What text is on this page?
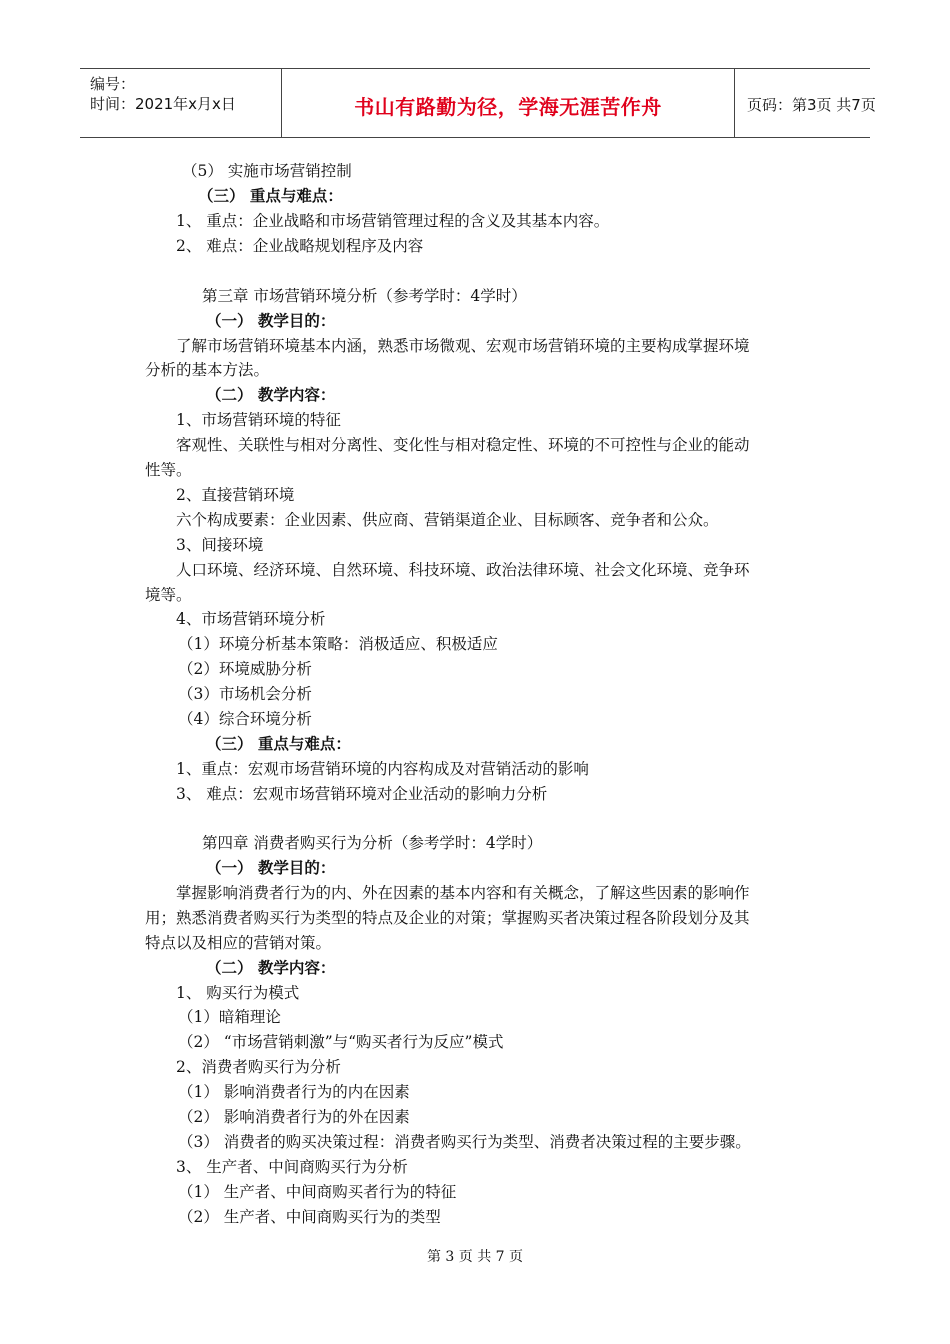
编号：
时间：2021年x月x日	书山有路勤为径，学海无涯苦作舟	页码：第3页 共7页
（5） 实施市场营销控制
（三） 重点与难点：
1、 重点：企业战略和市场营销管理过程的含义及其基本内容。
2、 难点：企业战略规划程序及内容
第三章 市场营销环境分析（参考学时：4学时）
（一） 教学目的：
了解市场营销环境基本内涵，熟悉市场微观、宏观市场营销环境的主要构成掌握环境
分析的基本方法。
（二） 教学内容：
1、市场营销环境的特征
客观性、关联性与相对分离性、变化性与相对稳定性、环境的不可控性与企业的能动
性等。
2、直接营销环境
六个构成要素：企业因素、供应商、营销渠道企业、目标顾客、竞争者和公众。
3、间接环境
人口环境、经济环境、自然环境、科技环境、政治法律环境、社会文化环境、竞争环
境等。
4、市场营销环境分析
（1）环境分析基本策略：消极适应、积极适应
（2）环境威胁分析
（3）市场机会分析
（4）综合环境分析
（三） 重点与难点：
1、重点：宏观市场营销环境的内容构成及对营销活动的影响
3、 难点：宏观市场营销环境对企业活动的影响力分析
第四章 消费者购买行为分析（参考学时：4学时）
（一） 教学目的：
掌握影响消费者行为的内、外在因素的基本内容和有关概念，了解这些因素的影响作
用；熟悉消费者购买行为类型的特点及企业的对策；掌握购买者决策过程各阶段划分及其
特点以及相应的营销对策。
（二） 教学内容：
1、 购买行为模式
（1）暗箱理论
（2） “市场营销刺激”与“购买者行为反应”模式
2、消费者购买行为分析
（1） 影响消费者行为的内在因素
（2） 影响消费者行为的外在因素
（3） 消费者的购买决策过程：消费者购买行为类型、消费者决策过程的主要步骤。
3、 生产者、中间商购买行为分析
（1） 生产者、中间商购买者行为的特征
（2） 生产者、中间商购买行为的类型
第 3 页 共 7 页
